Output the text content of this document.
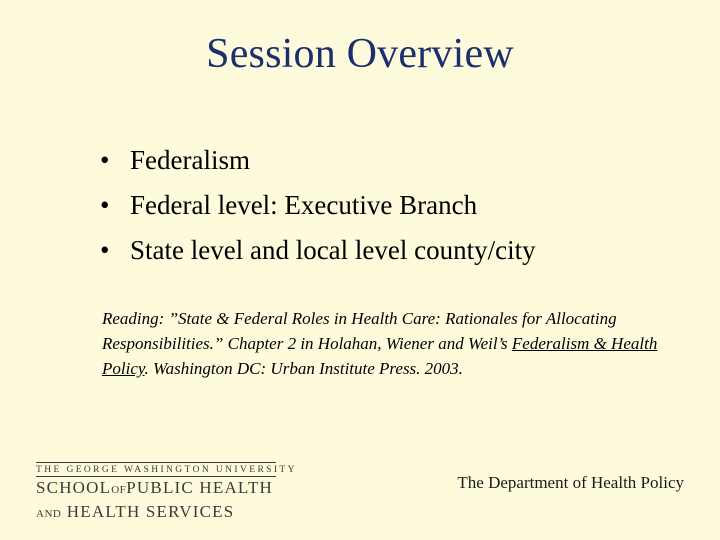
Session Overview
• Federalism
• Federal level: Executive Branch
• State level and local level county/city
Reading: ”State & Federal Roles in Health Care: Rationales for Allocating Responsibilities.” Chapter 2 in Holahan, Wiener and Weil’s Federalism & Health Policy. Washington DC: Urban Institute Press. 2003.
THE GEORGE WASHINGTON UNIVERSITY
SCHOOLOFPUBLIC HEALTH
AND HEALTH SERVICES
The Department of Health Policy
